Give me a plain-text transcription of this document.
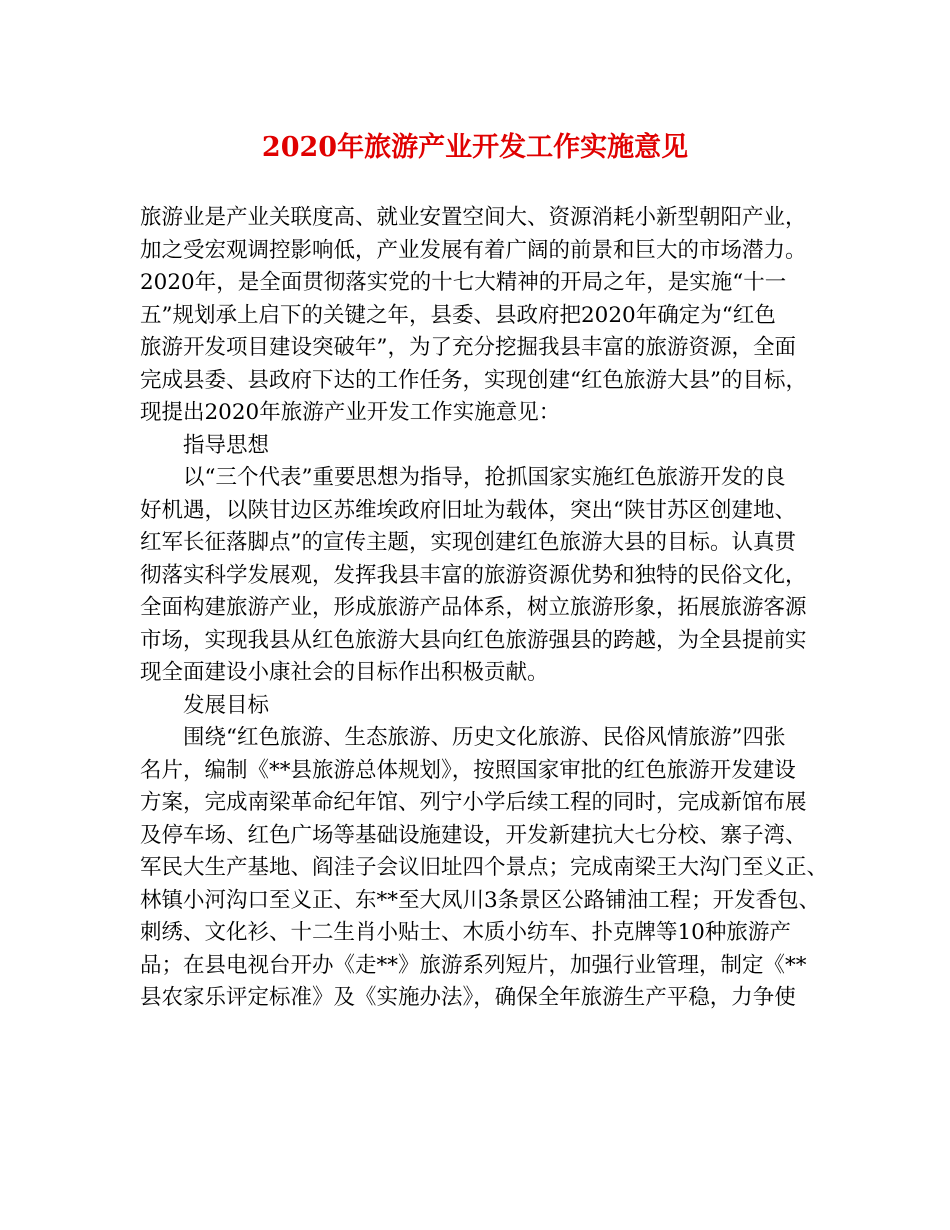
2020年旅游产业开发工作实施意见
旅游业是产业关联度高、就业安置空间大、资源消耗小新型朝阳产业，
加之受宏观调控影响低，产业发展有着广阔的前景和巨大的市场潜力。
2020年，是全面贯彻落实党的十七大精神的开局之年，是实施“十一
五”规划承上启下的关键之年，县委、县政府把2020年确定为“红色
旅游开发项目建设突破年”，为了充分挖掘我县丰富的旅游资源，全面
完成县委、县政府下达的工作任务，实现创建“红色旅游大县”的目标，
现提出2020年旅游产业开发工作实施意见：
指导思想
以“三个代表”重要思想为指导，抢抓国家实施红色旅游开发的良
好机遇，以陕甘边区苏维埃政府旧址为载体，突出“陕甘苏区创建地、
红军长征落脚点”的宣传主题，实现创建红色旅游大县的目标。认真贯
彻落实科学发展观，发挥我县丰富的旅游资源优势和独特的民俗文化，
全面构建旅游产业，形成旅游产品体系，树立旅游形象，拓展旅游客源
市场，实现我县从红色旅游大县向红色旅游强县的跨越，为全县提前实
现全面建设小康社会的目标作出积极贡献。
发展目标
围绕“红色旅游、生态旅游、历史文化旅游、民俗风情旅游”四张
名片，编制《**县旅游总体规划》，按照国家审批的红色旅游开发建设
方案，完成南梁革命纪年馆、列宁小学后续工程的同时，完成新馆布展
及停车场、红色广场等基础设施建设，开发新建抗大七分校、寨子湾、
军民大生产基地、阎洼子会议旧址四个景点；完成南梁王大沟门至义正、
林镇小河沟口至义正、东**至大凤川3条景区公路铺油工程；开发香包、
刺绣、文化衫、十二生肖小贴士、木质小纺车、扑克牌等10种旅游产
品；在县电视台开办《走**》旅游系列短片，加强行业管理，制定《**
县农家乐评定标准》及《实施办法》，确保全年旅游生产平稳，力争使
